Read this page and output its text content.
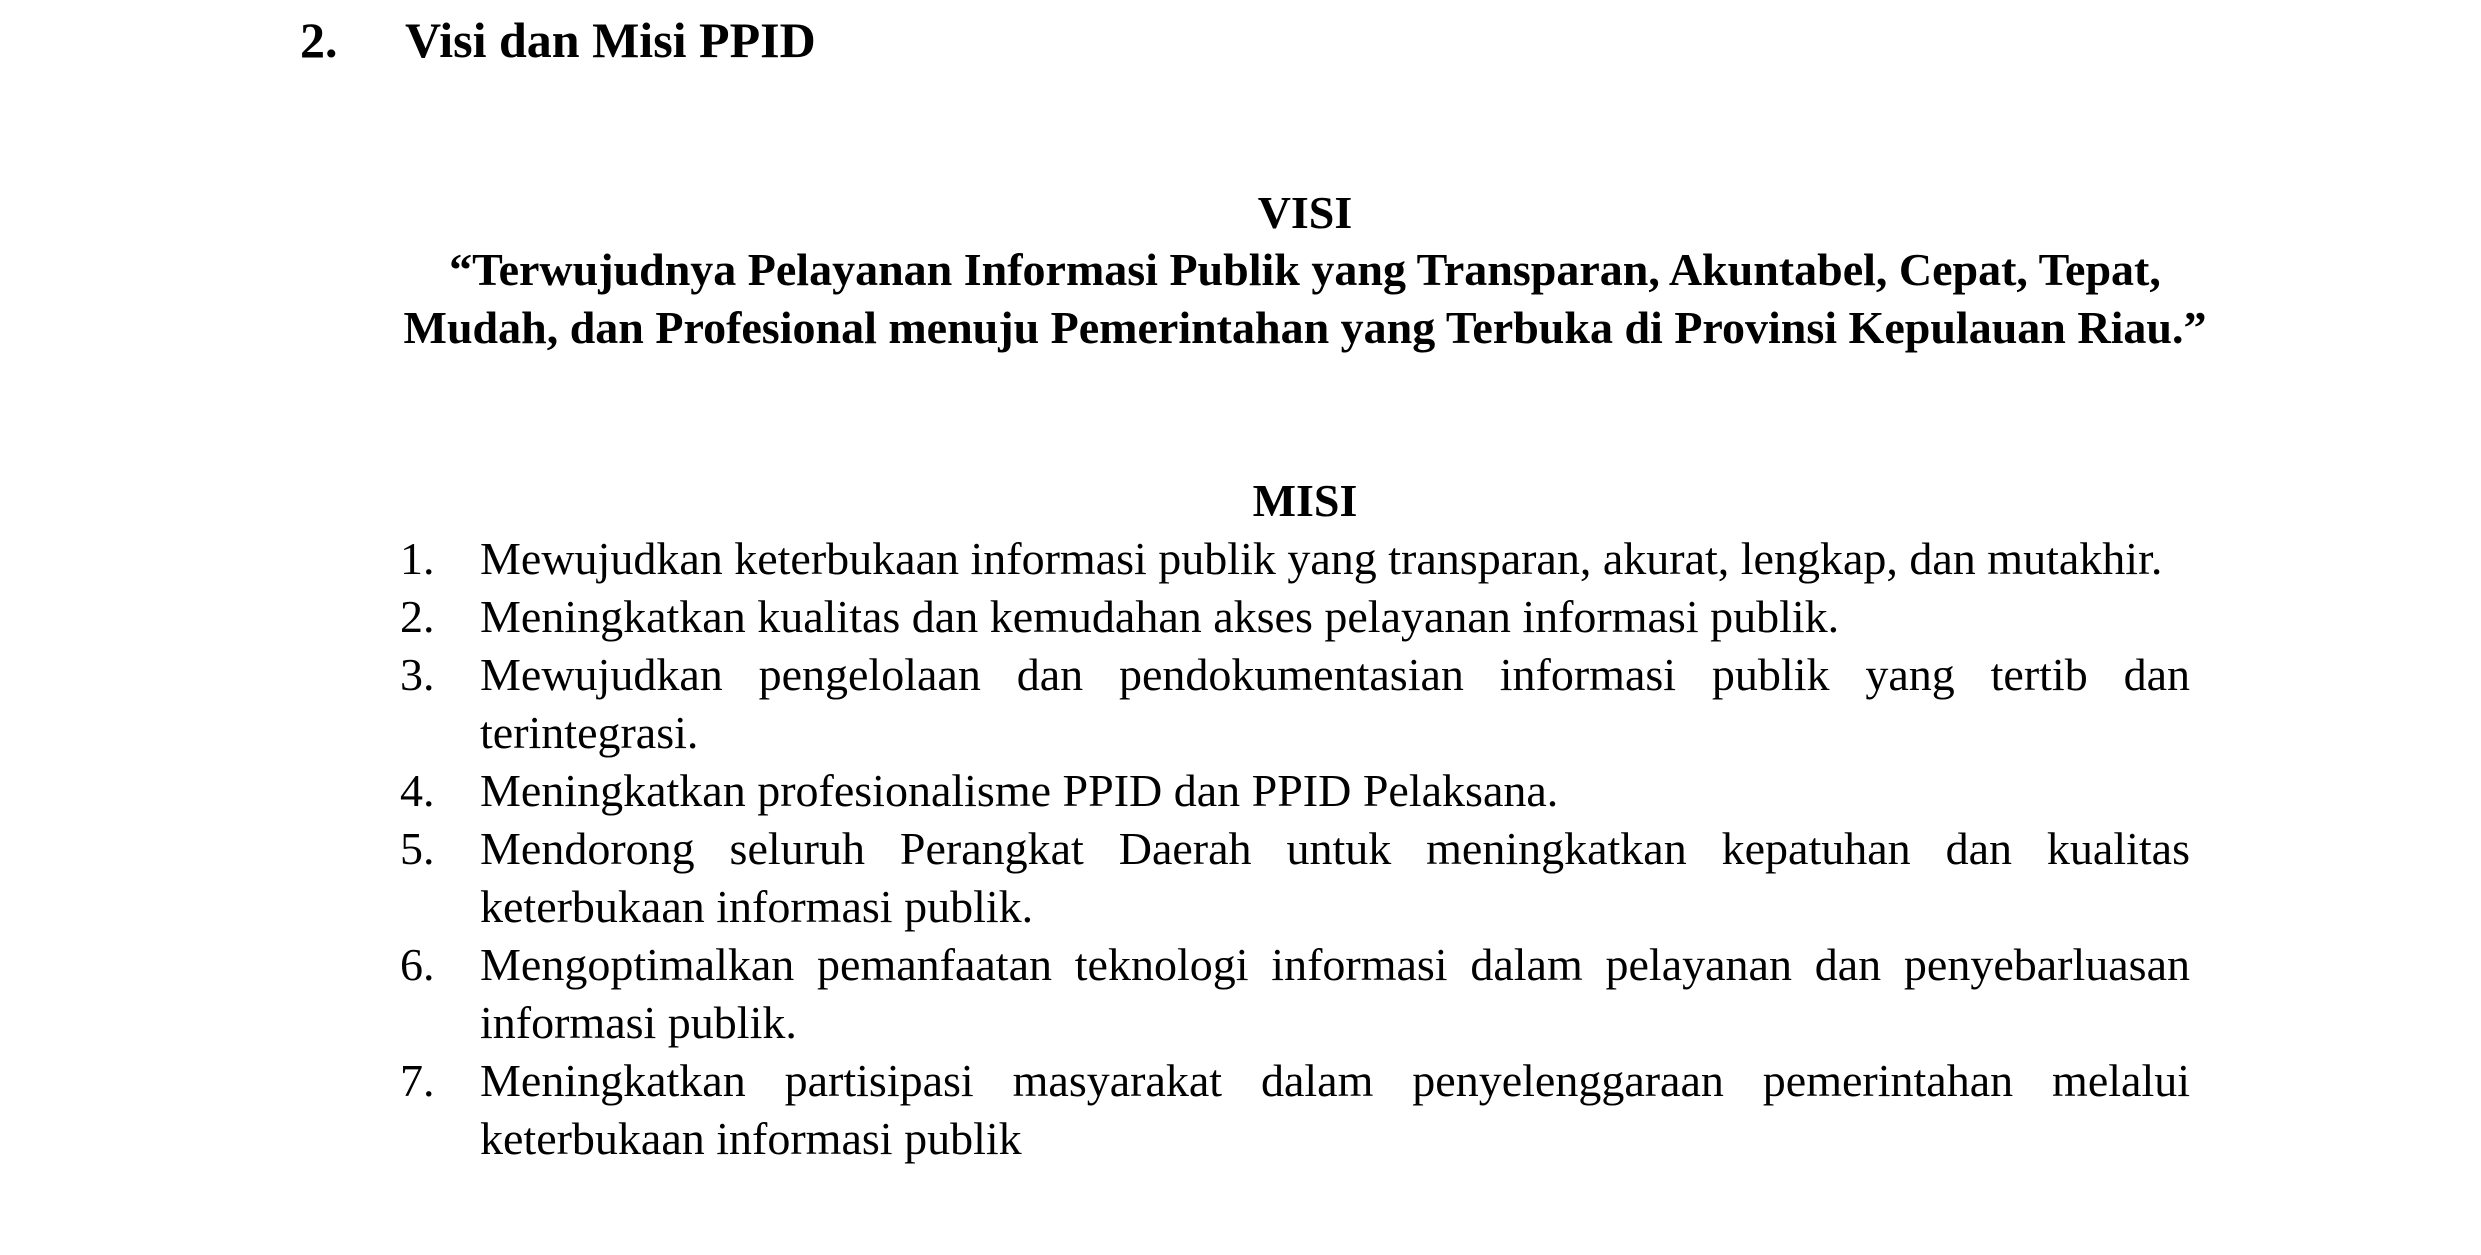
2. Visi dan Misi PPID
VISI
“Terwujudnya Pelayanan Informasi Publik yang Transparan, Akuntabel, Cepat, Tepat, Mudah, dan Profesional menuju Pemerintahan yang Terbuka di Provinsi Kepulauan Riau.”
MISI
1. Mewujudkan keterbukaan informasi publik yang transparan, akurat, lengkap, dan mutakhir.
2. Meningkatkan kualitas dan kemudahan akses pelayanan informasi publik.
3. Mewujudkan pengelolaan dan pendokumentasian informasi publik yang tertib dan terintegrasi.
4. Meningkatkan profesionalisme PPID dan PPID Pelaksana.
5. Mendorong seluruh Perangkat Daerah untuk meningkatkan kepatuhan dan kualitas keterbukaan informasi publik.
6. Mengoptimalkan pemanfaatan teknologi informasi dalam pelayanan dan penyebarluasan informasi publik.
7. Meningkatkan partisipasi masyarakat dalam penyelenggaraan pemerintahan melalui keterbukaan informasi publik
